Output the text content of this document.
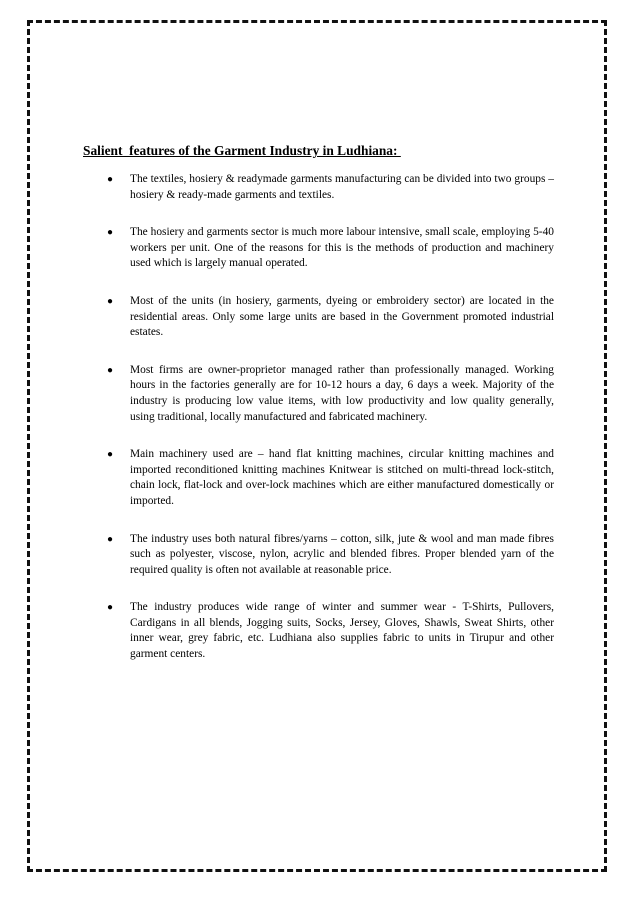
Salient  features of the Garment Industry in Ludhiana:
● The textiles, hosiery & readymade garments manufacturing can be divided into two groups – hosiery & ready-made garments and textiles.
● The hosiery and garments sector is much more labour intensive, small scale, employing 5-40 workers per unit. One of the reasons for this is the methods of production and machinery used which is largely manual operated.
● Most of the units (in hosiery, garments, dyeing or embroidery sector) are located in the residential areas. Only some large units are based in the Government promoted industrial estates.
● Most firms are owner-proprietor managed rather than professionally managed. Working hours in the factories generally are for 10-12 hours a day, 6 days a week. Majority of the industry is producing low value items, with low productivity and low quality generally, using traditional, locally manufactured and fabricated machinery.
● Main machinery used are – hand flat knitting machines, circular knitting machines and imported reconditioned knitting machines Knitwear is stitched on multi-thread lock-stitch, chain lock, flat-lock and over-lock machines which are either manufactured domestically or imported.
● The industry uses both natural fibres/yarns – cotton, silk, jute & wool and man made fibres such as polyester, viscose, nylon, acrylic and blended fibres. Proper blended yarn of the required quality is often not available at reasonable price.
● The industry produces wide range of winter and summer wear - T-Shirts, Pullovers, Cardigans in all blends, Jogging suits, Socks, Jersey, Gloves, Shawls, Sweat Shirts, other inner wear, grey fabric, etc. Ludhiana also supplies fabric to units in Tirupur and other garment centers.
